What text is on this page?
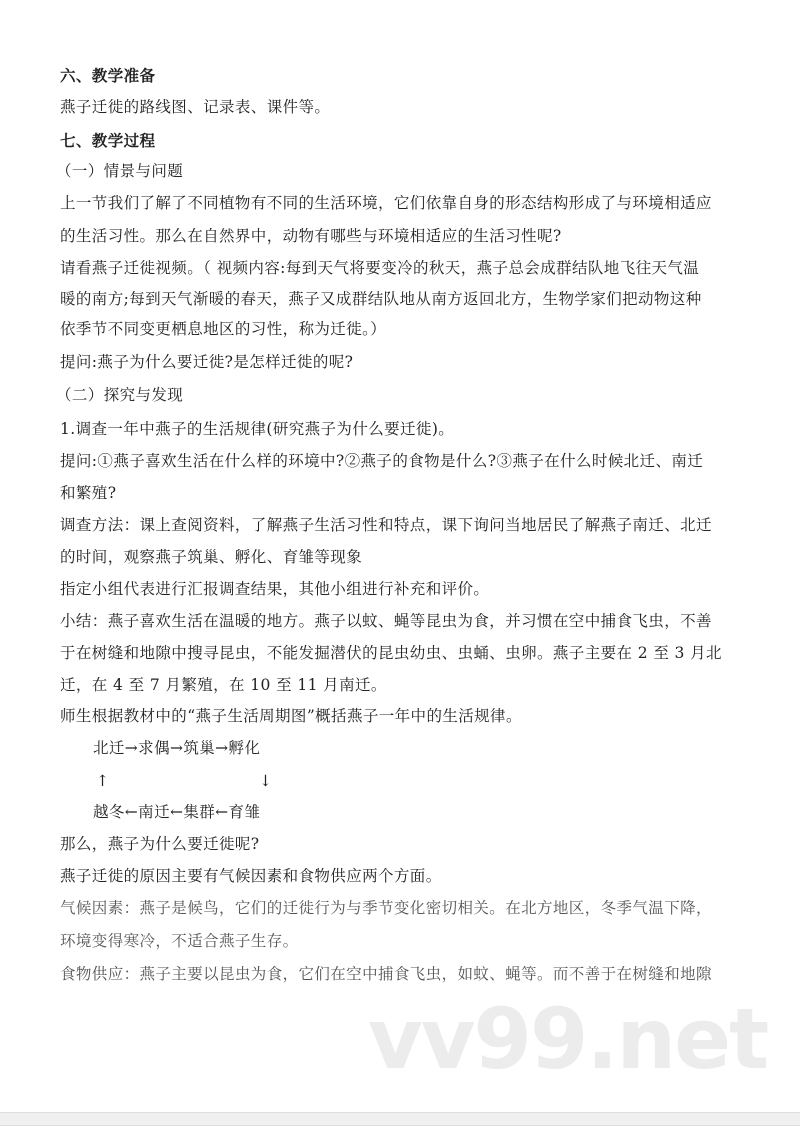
六、教学准备
燕子迁徙的路线图、记录表、课件等。
七、教学过程
（一）情景与问题
上一节我们了解了不同植物有不同的生活环境，它们依靠自身的形态结构形成了与环境相适应
的生活习性。那么在自然界中，动物有哪些与环境相适应的生活习性呢?
请看燕子迁徙视频。（ 视频内容:每到天气将要变冷的秋天，燕子总会成群结队地飞往天气温
暖的南方;每到天气渐暖的春天，燕子又成群结队地从南方返回北方，生物学家们把动物这种
依季节不同变更栖息地区的习性，称为迁徙。）
提问:燕子为什么要迁徙?是怎样迁徙的呢?
（二）探究与发现
1.调查一年中燕子的生活规律(研究燕子为什么要迁徙)。
提问:①燕子喜欢生活在什么样的环境中?②燕子的食物是什么?③燕子在什么时候北迁、南迁
和繁殖?
调查方法：课上查阅资料，了解燕子生活习性和特点，课下询问当地居民了解燕子南迁、北迁
的时间，观察燕子筑巢、孵化、育雏等现象
指定小组代表进行汇报调查结果，其他小组进行补充和评价。
小结：燕子喜欢生活在温暖的地方。燕子以蚊、蝇等昆虫为食，并习惯在空中捕食飞虫，不善
于在树缝和地隙中搜寻昆虫，不能发掘潜伏的昆虫幼虫、虫蛹、虫卵。燕子主要在 2 至 3 月北
迁，在 4 至 7 月繁殖，在 10 至 11 月南迁。
师生根据教材中的“燕子生活周期图”概括燕子一年中的生活规律。
北迁→求偶→筑巢→孵化
↑	↓
越冬←南迁←集群←育雏
那么，燕子为什么要迁徙呢?
燕子迁徙的原因主要有气候因素和食物供应两个方面。
气候因素：燕子是候鸟，它们的迁徙行为与季节变化密切相关。在北方地区，冬季气温下降，
环境变得寒冷，不适合燕子生存。
食物供应：燕子主要以昆虫为食，它们在空中捕食飞虫，如蚊、蝇等。而不善于在树缝和地隙
vv99.net
